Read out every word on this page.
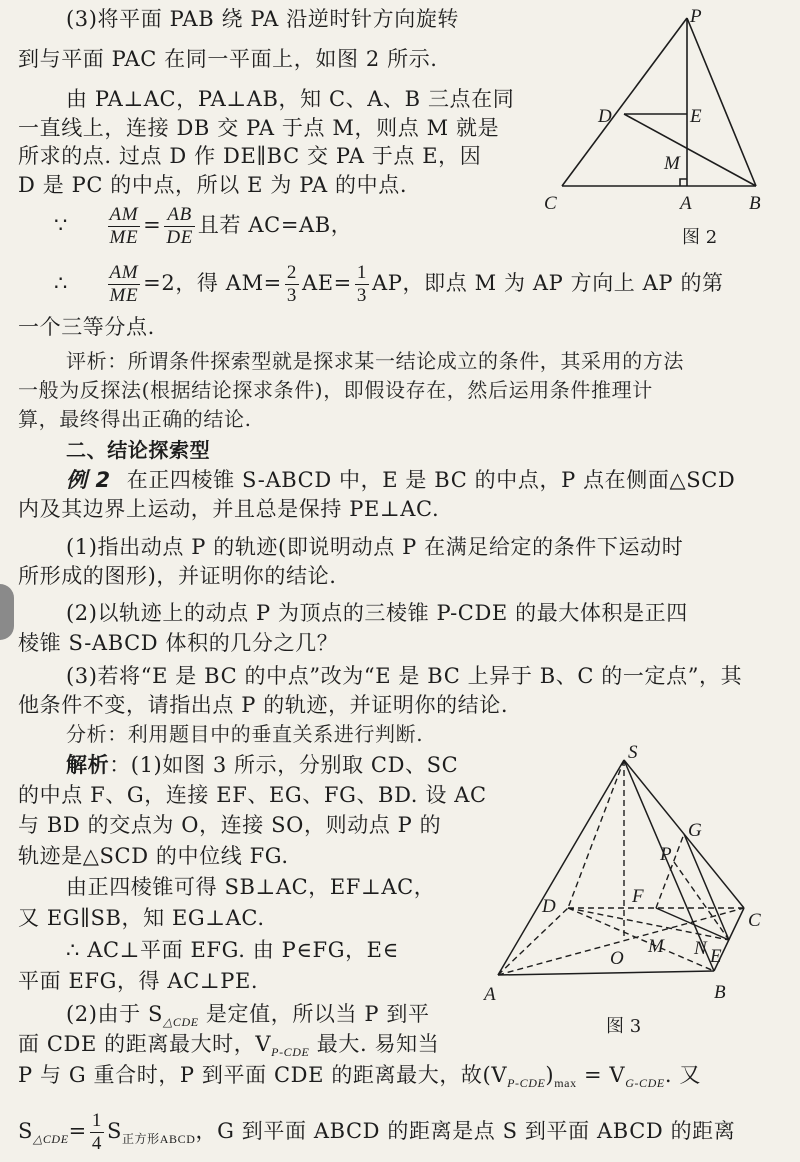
(3)将平面 PAB 绕 PA 沿逆时针方向旋转
到与平面 PAC 在同一平面上，如图 2 所示.
由 PA⊥AC，PA⊥AB，知 C、A、B 三点在同
一直线上，连接 DB 交 PA 于点 M，则点 M 就是
所求的点. 过点 D 作 DE∥BC 交 PA 于点 E，因
D 是 PC 的中点，所以 E 为 PA 的中点.
∵ $\frac{AM}{ME} = \frac{AB}{DE}$ 且若 AC=AB，
∴ $\frac{AM}{ME} =2$，得 $AM= \frac{2}{3} AE= \frac{1}{3}$ AP，即点 M 为 AP 方向上 AP 的第
一个三等分点.
评析：所谓条件探索型就是探求某一结论成立的条件，其采用的方法
一般为反探法(根据结论探求条件)，即假设存在，然后运用条件推理计
算，最终得出正确的结论.
二、结论探索型
例 2 在正四棱锥 S-ABCD 中，E 是 BC 的中点，P 点在侧面△SCD
内及其边界上运动，并且总是保持 PE⊥AC.
(1)指出动点 P 的轨迹(即说明动点 P 在满足给定的条件下运动时
所形成的图形)，并证明你的结论.
(2)以轨迹上的动点 P 为顶点的三棱锥 P-CDE 的最大体积是正四
棱锥 S-ABCD 体积的几分之几？
(3)若将“E 是 BC 的中点”改为“E 是 BC 上异于 B、C 的一定点”，其
他条件不变，请指出点 P 的轨迹，并证明你的结论.
分析：利用题目中的垂直关系进行判断.
解析：(1)如图 3 所示，分别取 CD、SC
的中点 F、G，连接 EF、EG、FG、BD. 设 AC
与 BD 的交点为 O，连接 SO，则动点 P 的
轨迹是△SCD 的中位线 FG.
由正四棱锥可得 SB⊥AC，EF⊥AC，
又 EG∥SB，知 EG⊥AC.
∴ AC⊥平面 EFG. 由 P∈FG，E∈
平面 EFG，得 AC⊥PE.
(2)由于 $S_{\triangle CDE}$ 是定值，所以当 P 到平
面 CDE 的距离最大时，$V_{P-CDE}$ 最大. 易知当
P 与 G 重合时，P 到平面 CDE 的距离最大，故$(V_{P-CDE})_{max} = V_{G-CDE}$. 又
$S_{\triangle CDE}= \frac{1}{4} S_{正方形ABCD}$，G 到平面 ABCD 的距离是点 S 到平面 ABCD 的距离
P
D	E
M
C	A	B
图 2
S
G
P
F
D
C
O
M N E
A	B
图 3
